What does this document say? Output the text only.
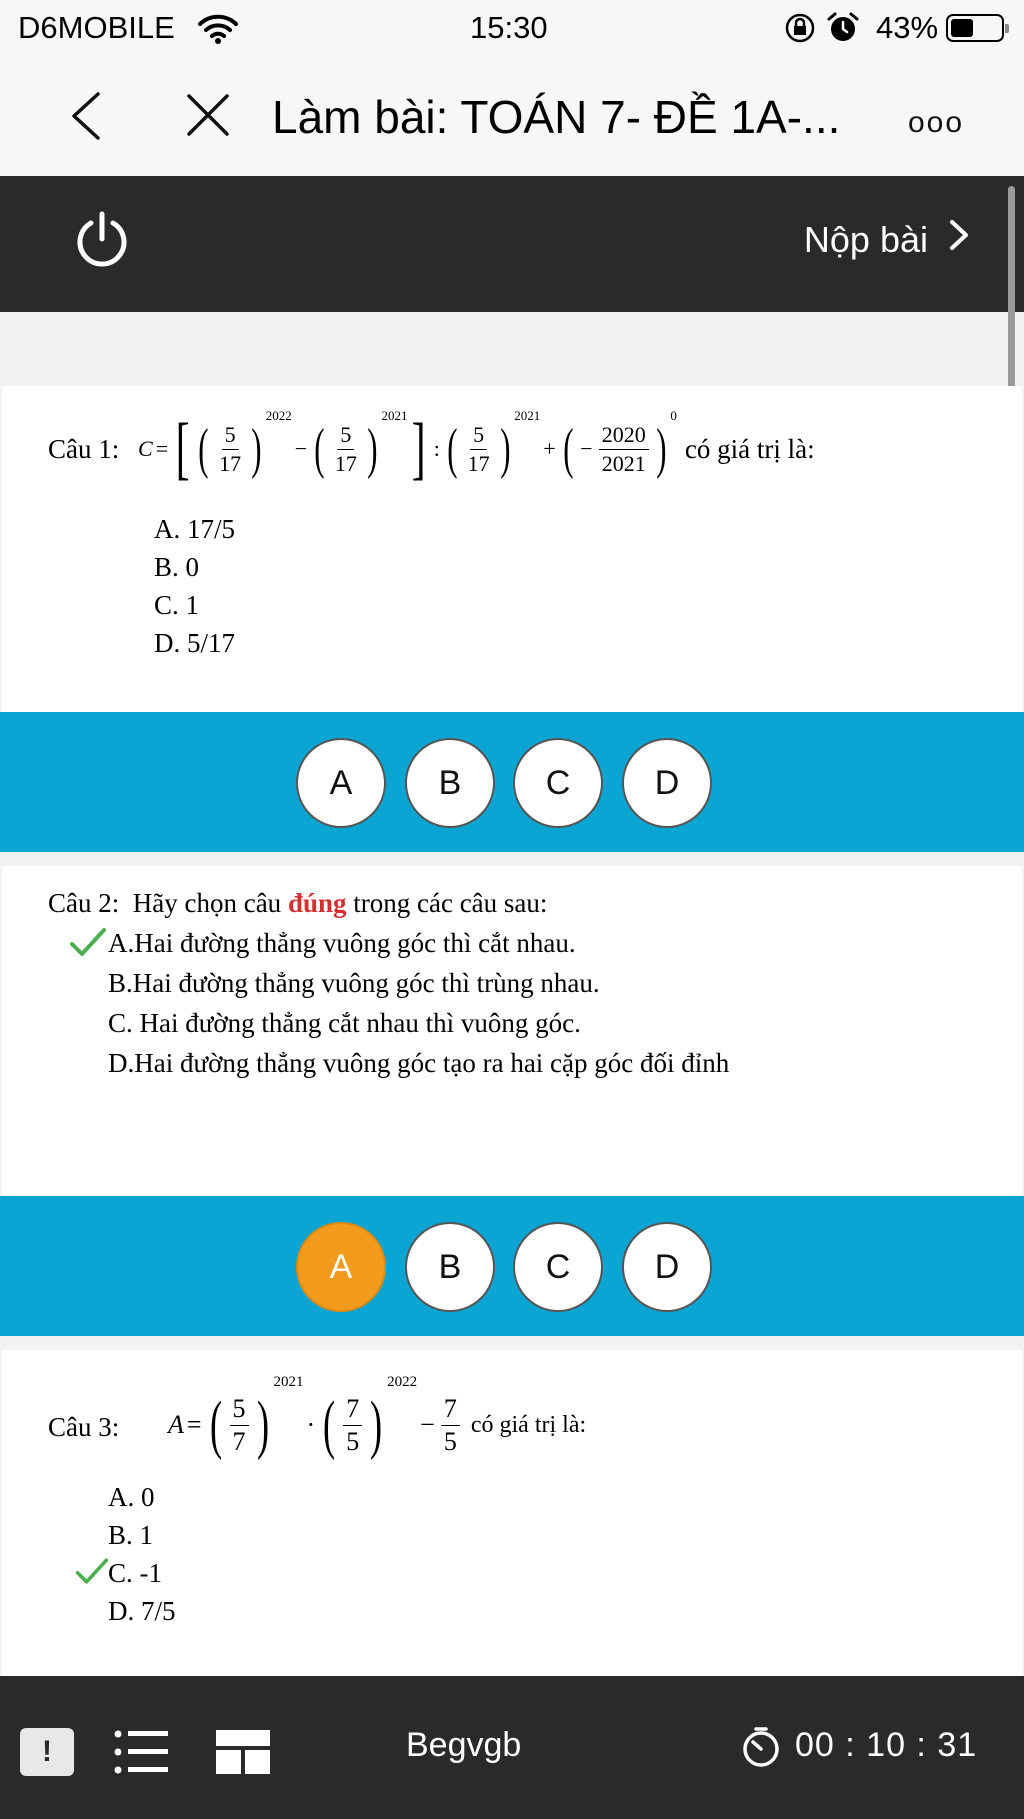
D6MOBILE	15:30	43%
Làm bài: TOÁN 7- ĐỀ 1A-... ooo
Nộp bài
Câu 1: C = [ ( $\frac{5}{17}$ )
2022
− ( $\frac{5}{17}$ )
2021 ] : ( $\frac{5}{17}$ )
2021
+ ( − $\frac{2020}{2021}$ )
0
có giá trị là:
A. 17/5
B. 0
C. 1
D. 5/17
A	B	C	D
Câu 2: Hãy chọn câu đúng trong các câu sau:
A.Hai đường thẳng vuông góc thì cắt nhau.
B.Hai đường thẳng vuông góc thì trùng nhau.
C. Hai đường thẳng cắt nhau thì vuông góc.
D.Hai đường thẳng vuông góc tạo ra hai cặp góc đối đỉnh
A	B	C	D
Câu 3: A = ( $\frac{5}{7}$ )
2021
· ( $\frac{7}{5}$ )
2022
− $\frac{7}{5}$ có giá trị là:
A. 0
B. 1
C. -1
D. 7/5
!	Begvgb	00 : 10 : 31
